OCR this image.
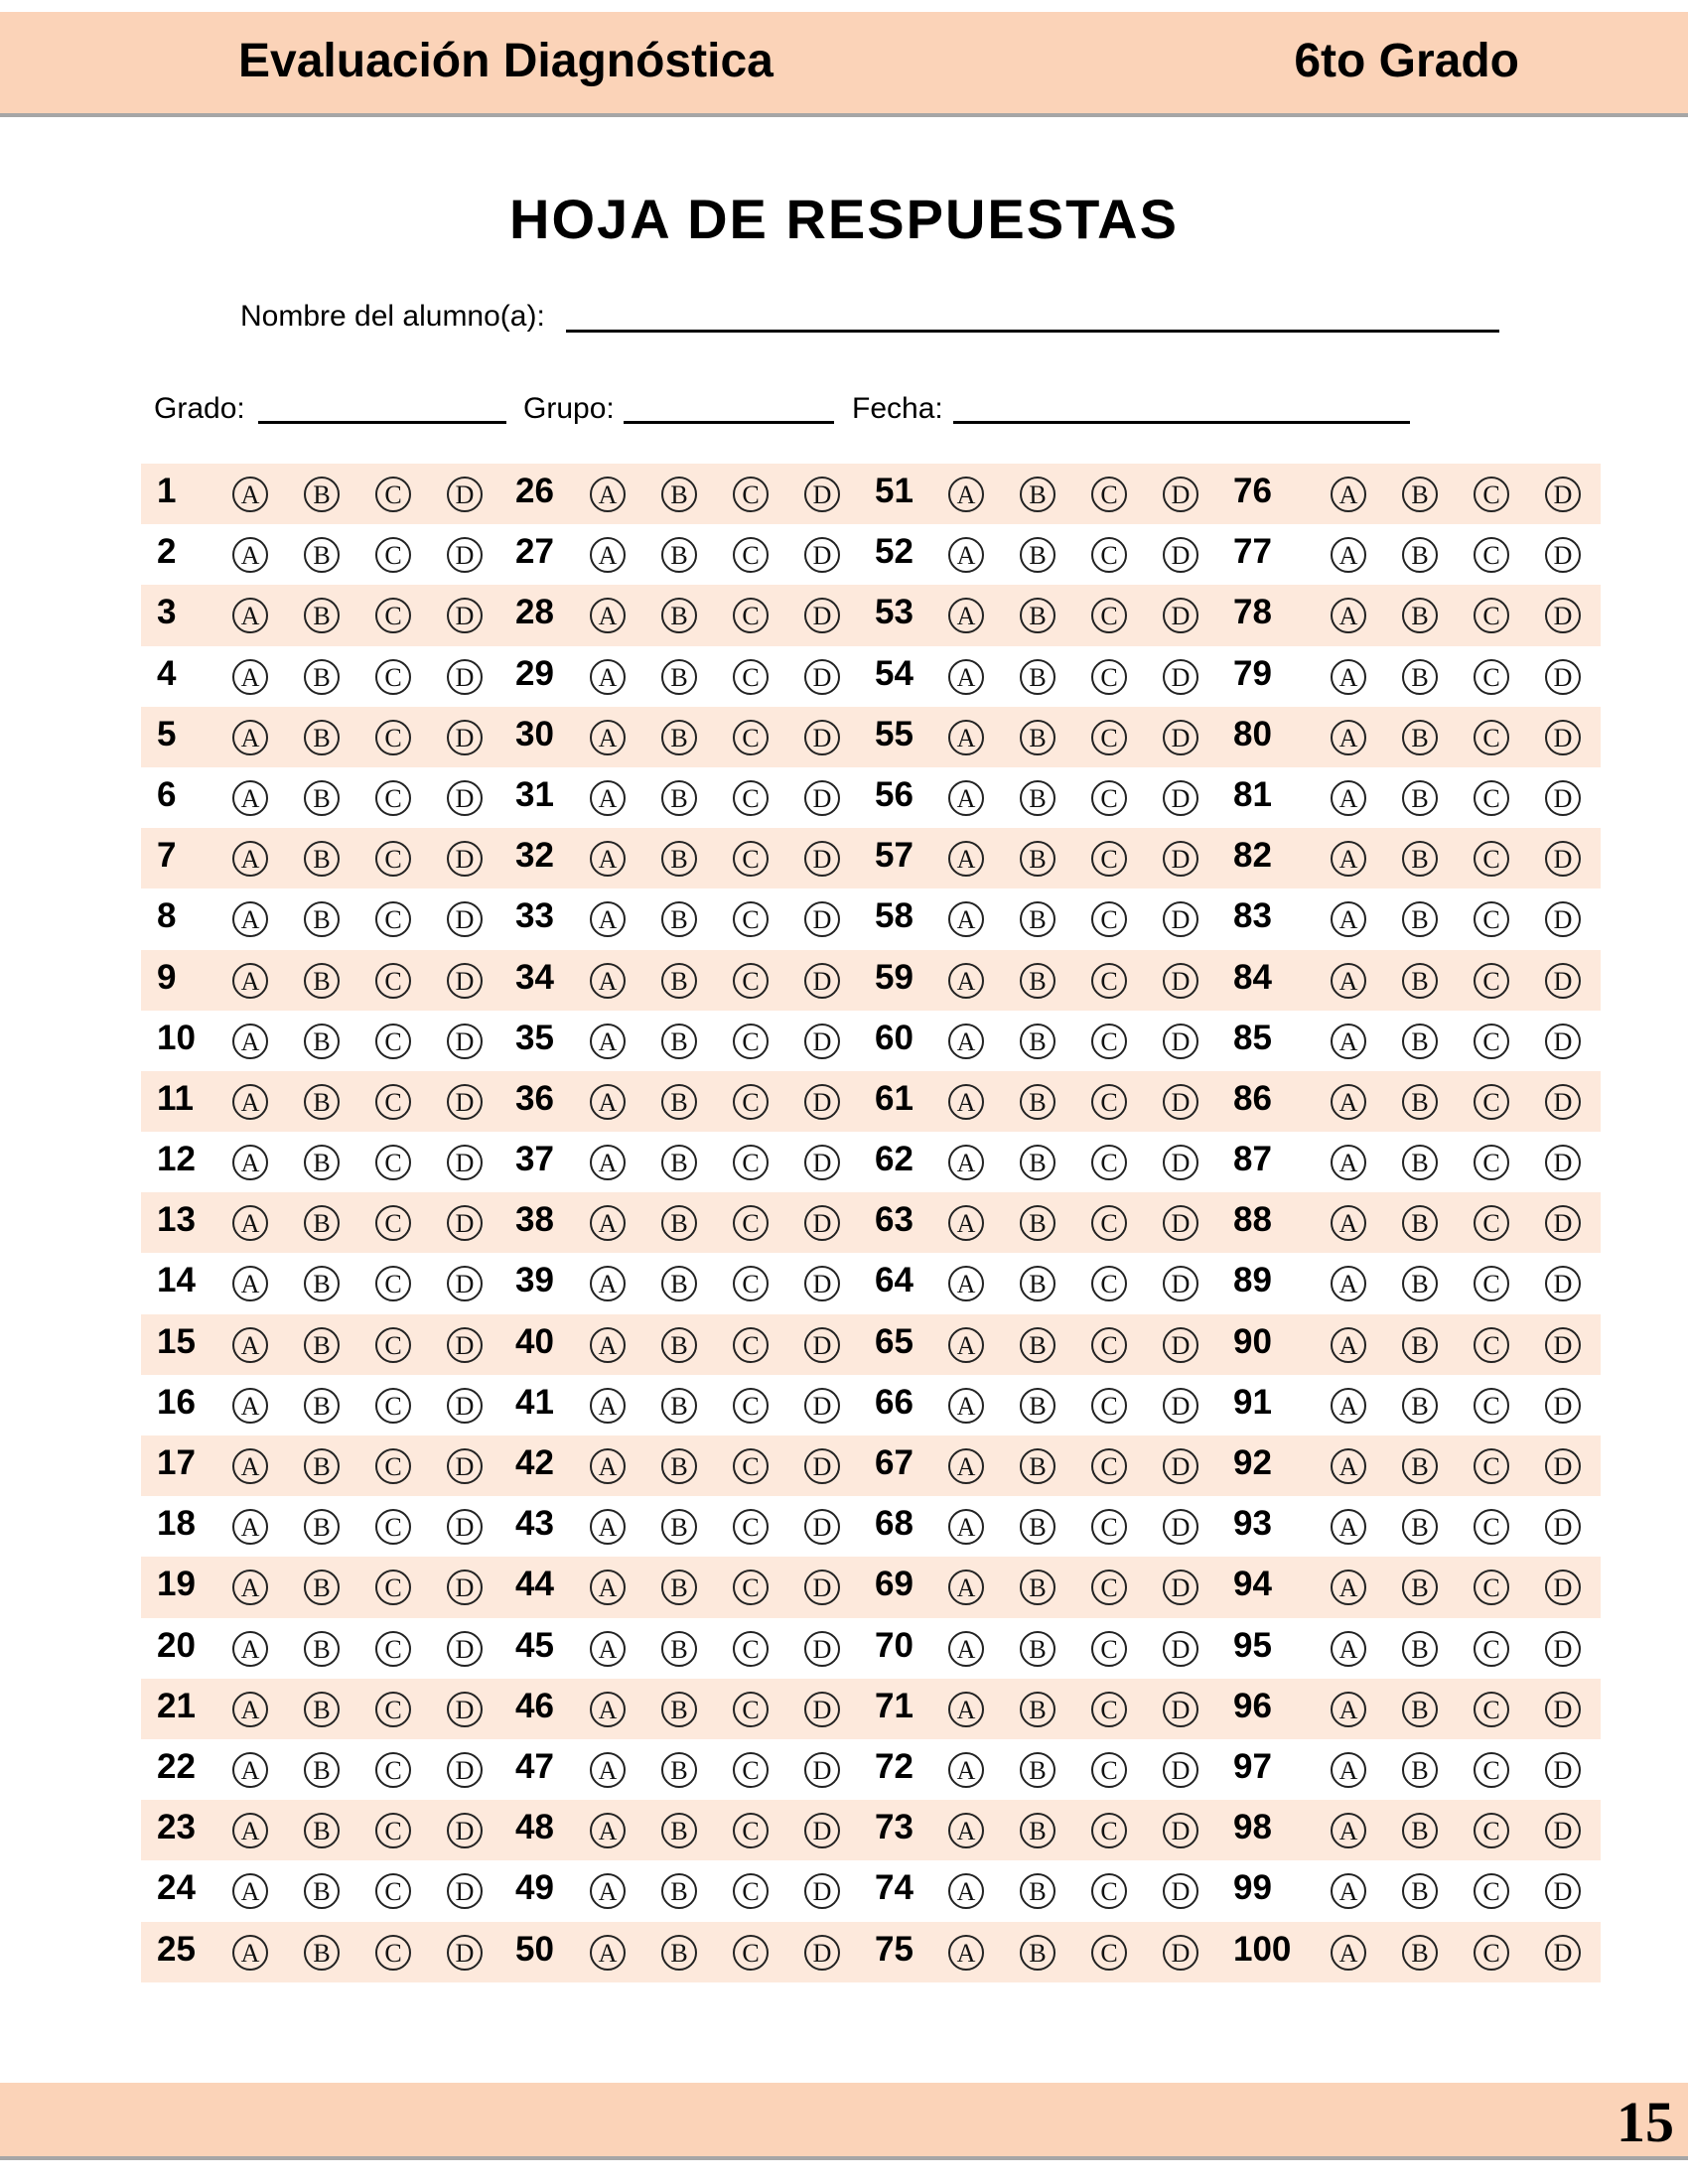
Evaluación Diagnóstica	6to Grado
HOJA DE RESPUESTAS
Nombre del alumno(a):
Grado:	Grupo:	Fecha:
1	A	B	C	D 26	A	B	C	D 51	A	B	C	D 76	A	B	C	D
2	A	B	C	D 27	A	B	C	D 52	A	B	C	D 77	A	B	C	D
3	A	B	C	D 28	A	B	C	D 53	A	B	C	D 78	A	B	C	D
4	A	B	C	D 29	A	B	C	D 54	A	B	C	D 79	A	B	C	D
5	A	B	C	D 30	A	B	C	D 55	A	B	C	D 80	A	B	C	D
6	A	B	C	D 31	A	B	C	D 56	A	B	C	D 81	A	B	C	D
7	A	B	C	D 32	A	B	C	D 57	A	B	C	D 82	A	B	C	D
8	A	B	C	D 33	A	B	C	D 58	A	B	C	D 83	A	B	C	D
9	A	B	C	D 34	A	B	C	D 59	A	B	C	D 84	A	B	C	D
10	A	B	C	D 35	A	B	C	D 60	A	B	C	D 85	A	B	C	D
11	A	B	C	D 36	A	B	C	D 61	A	B	C	D 86	A	B	C	D
12	A	B	C	D 37	A	B	C	D 62	A	B	C	D 87	A	B	C	D
13	A	B	C	D 38	A	B	C	D 63	A	B	C	D 88	A	B	C	D
14	A	B	C	D 39	A	B	C	D 64	A	B	C	D 89	A	B	C	D
15	A	B	C	D 40	A	B	C	D 65	A	B	C	D 90	A	B	C	D
16	A	B	C	D 41	A	B	C	D 66	A	B	C	D 91	A	B	C	D
17	A	B	C	D 42	A	B	C	D 67	A	B	C	D 92	A	B	C	D
18	A	B	C	D 43	A	B	C	D 68	A	B	C	D 93	A	B	C	D
19	A	B	C	D 44	A	B	C	D 69	A	B	C	D 94	A	B	C	D
20	A	B	C	D 45	A	B	C	D 70	A	B	C	D 95	A	B	C	D
21	A	B	C	D 46	A	B	C	D 71	A	B	C	D 96	A	B	C	D
22	A	B	C	D 47	A	B	C	D 72	A	B	C	D 97	A	B	C	D
23	A	B	C	D 48	A	B	C	D 73	A	B	C	D 98	A	B	C	D
24	A	B	C	D 49	A	B	C	D 74	A	B	C	D 99	A	B	C	D
25	A	B	C	D 50	A	B	C	D 75	A	B	C	D 100	A	B	C	D
15
